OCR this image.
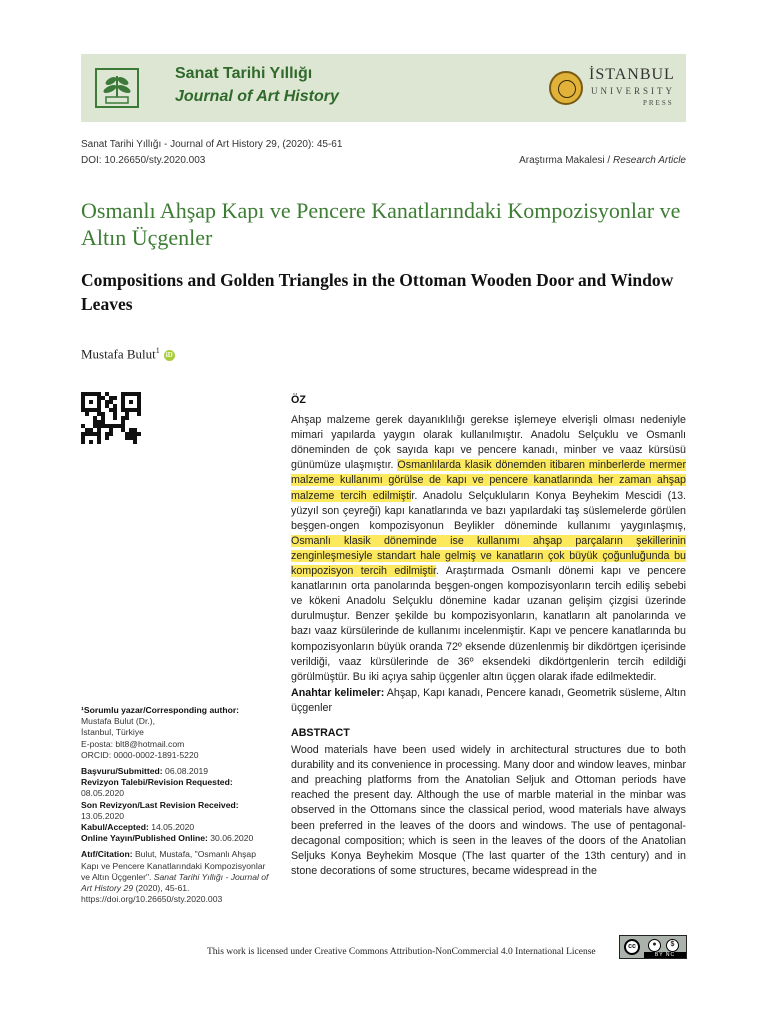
Sanat Tarihi Yıllığı
Journal of Art History
İSTANBUL
UNIVERSITY
PRESS
Sanat Tarihi Yıllığı - Journal of Art History 29, (2020): 45-61
DOI: 10.26650/sty.2020.003	Araştırma Makalesi / Research Article
Osmanlı Ahşap Kapı ve Pencere Kanatlarındaki Kompozisyonlar ve Altın Üçgenler
Compositions and Golden Triangles in the Ottoman Wooden Door and Window Leaves
Mustafa Bulut$^1$iD

¹Sorumlu yazar/Corresponding author:
Mustafa Bulut (Dr.),
İstanbul, Türkiye
E-posta: blt8@hotmail.com
ORCID: 0000-0002-1891-5220

Başvuru/Submitted: 06.08.2019
Revizyon Talebi/Revision Requested:
08.05.2020
Son Revizyon/Last Revision Received:
13.05.2020
Kabul/Accepted: 14.05.2020
Online Yayın/Published Online: 30.06.2020

Atıf/Citation: Bulut, Mustafa, "Osmanlı Ahşap Kapı ve Pencere Kanatlarındaki Kompozisyonlar ve Altın Üçgenler". Sanat Tarihi Yıllığı - Journal of Art History 29 (2020), 45-61.
https://doi.org/10.26650/sty.2020.003

ÖZ

Ahşap malzeme gerek dayanıklılığı gerekse işlemeye elverişli olması nedeniyle mimari yapılarda yaygın olarak kullanılmıştır. Anadolu Selçuklu ve Osmanlı döneminden de çok sayıda kapı ve pencere kanadı, minber ve vaaz kürsüsü günümüze ulaşmıştır. Osmanlılarda klasik dönemden itibaren minberlerde mermer malzeme kullanımı görülse de kapı ve pencere kanatlarında her zaman ahşap malzeme tercih edilmiştir. Anadolu Selçukluların Konya Beyhekim Mescidi (13. yüzyıl son çeyreği) kapı kanatlarında ve bazı yapılardaki taş süslemelerde görülen beşgen-ongen kompozisyonun Beylikler döneminde kullanımı yaygınlaşmış, Osmanlı klasik döneminde ise kullanımı ahşap parçaların şekillerinin zenginleşmesiyle standart hale gelmiş ve kanatların çok büyük çoğunluğunda bu kompozisyon tercih edilmiştir. Araştırmada Osmanlı dönemi kapı ve pencere kanatlarının orta panolarında beşgen-ongen kompozisyonların tercih ediliş sebebi ve kökeni Anadolu Selçuklu dönemine kadar uzanan gelişim çizgisi üzerinde durulmuştur. Benzer şekilde bu kompozisyonların, kanatların alt panolarında ve bazı vaaz kürsülerinde de kullanımı incelenmiştir. Kapı ve pencere kanatlarında bu kompozisyonların büyük oranda 72º eksende düzenlenmiş bir dikdörtgen içerisinde verildiği, vaaz kürsülerinde de 36º eksendeki dikdörtgenlerin tercih edildiği görülmüştür. Bu iki açıya sahip üçgenler altın üçgen olarak ifade edilmektedir.

Anahtar kelimeler: Ahşap, Kapı kanadı, Pencere kanadı, Geometrik süsleme, Altın üçgenler

ABSTRACT

Wood materials have been used widely in architectural structures due to both durability and its convenience in processing. Many door and window leaves, minbar and preaching platforms from the Anatolian Seljuk and Ottoman periods have reached the present day. Although the use of marble material in the minbar was observed in the Ottomans since the classical period, wood materials have always been preferred in the leaves of the doors and windows. The use of pentagonal-decagonal composition; which is seen in the leaves of the doors of the Anatolian Seljuks Konya Beyhekim Mosque (The last quarter of the 13th century) and in stone decorations of some structures, became widespread in the

This work is licensed under Creative Commons Attribution-NonCommercial 4.0 International License
cc	●	$
BY NC
